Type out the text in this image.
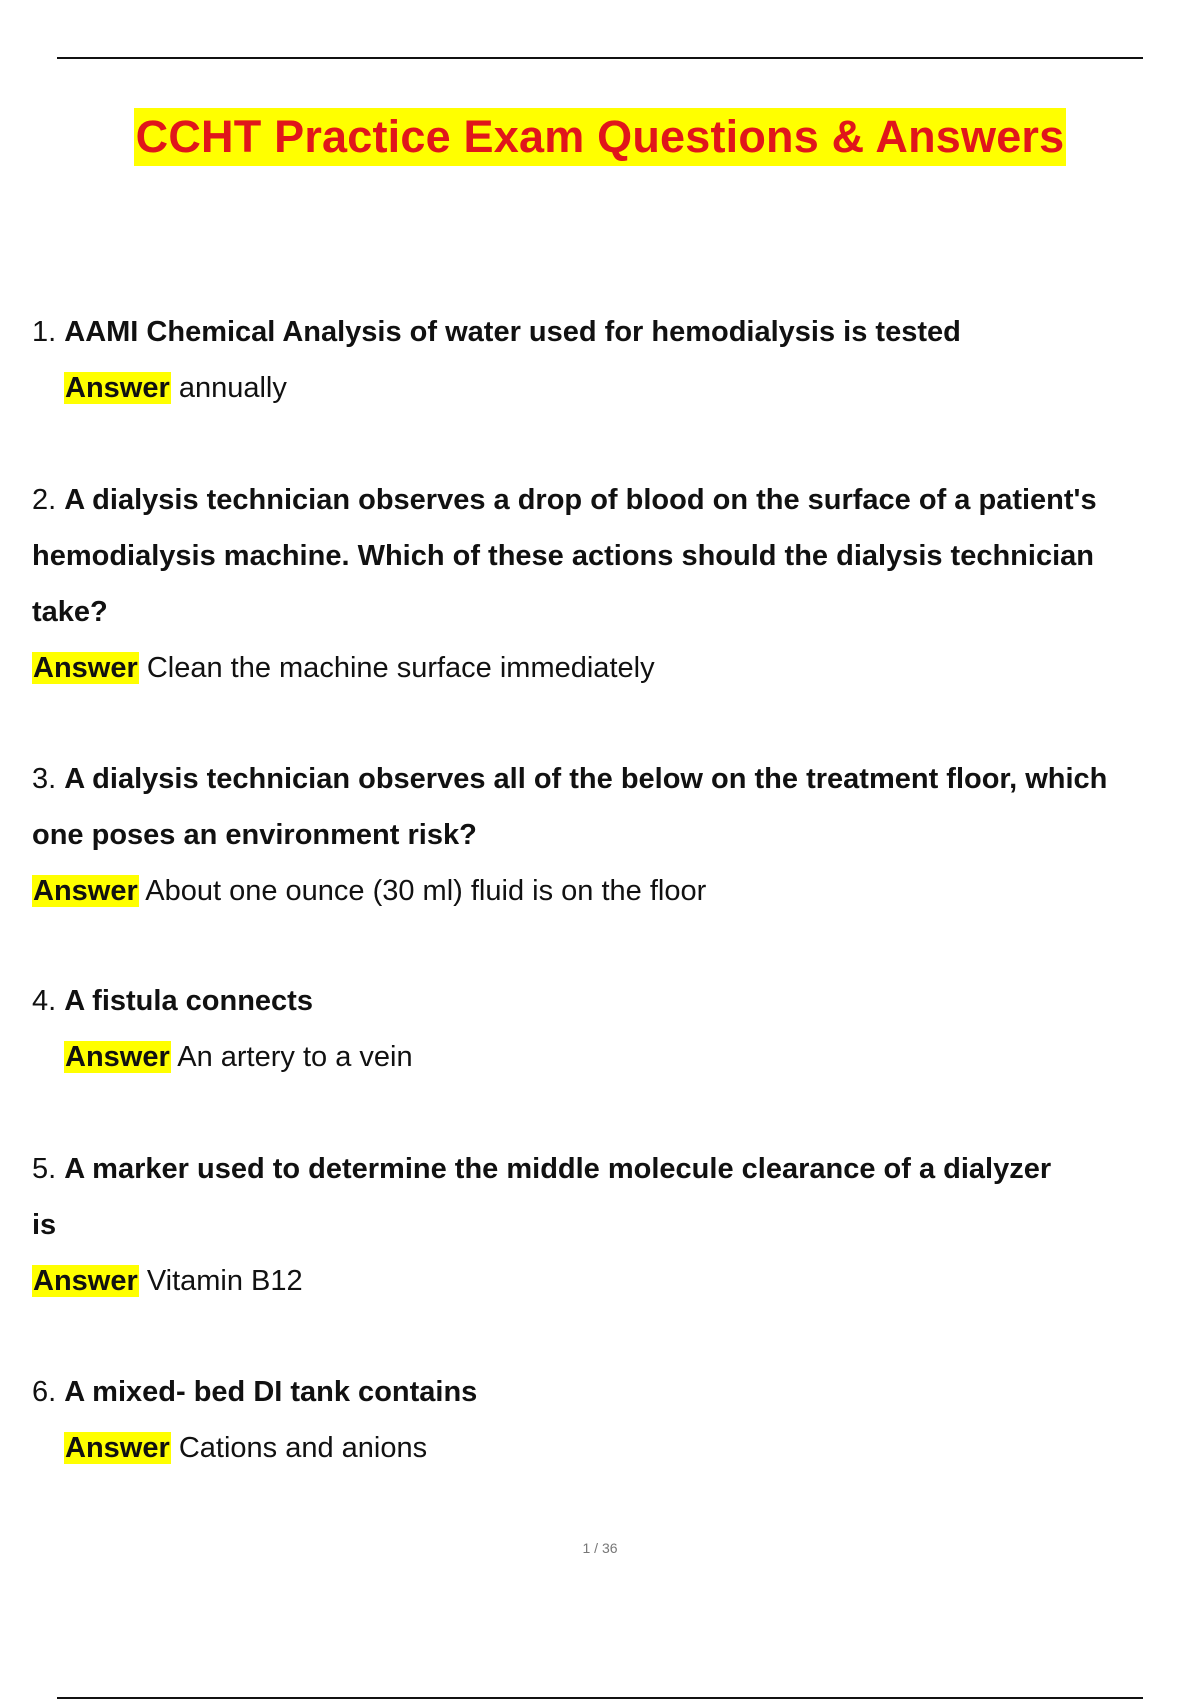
CCHT Practice Exam Questions & Answers
1. AAMI Chemical Analysis of water used for hemodialysis is tested
Answer annually
2. A dialysis technician observes a drop of blood on the surface of a patient's
hemodialysis machine. Which of these actions should the dialysis technician
take?
Answer Clean the machine surface immediately
3. A dialysis technician observes all of the below on the treatment floor, which
one poses an environment risk?
Answer About one ounce (30 ml) fluid is on the floor
4. A fistula connects
Answer An artery to a vein
5. A marker used to determine the middle molecule clearance of a dialyzer
is
Answer Vitamin B12
6. A mixed- bed DI tank contains
Answer Cations and anions
1 / 36
